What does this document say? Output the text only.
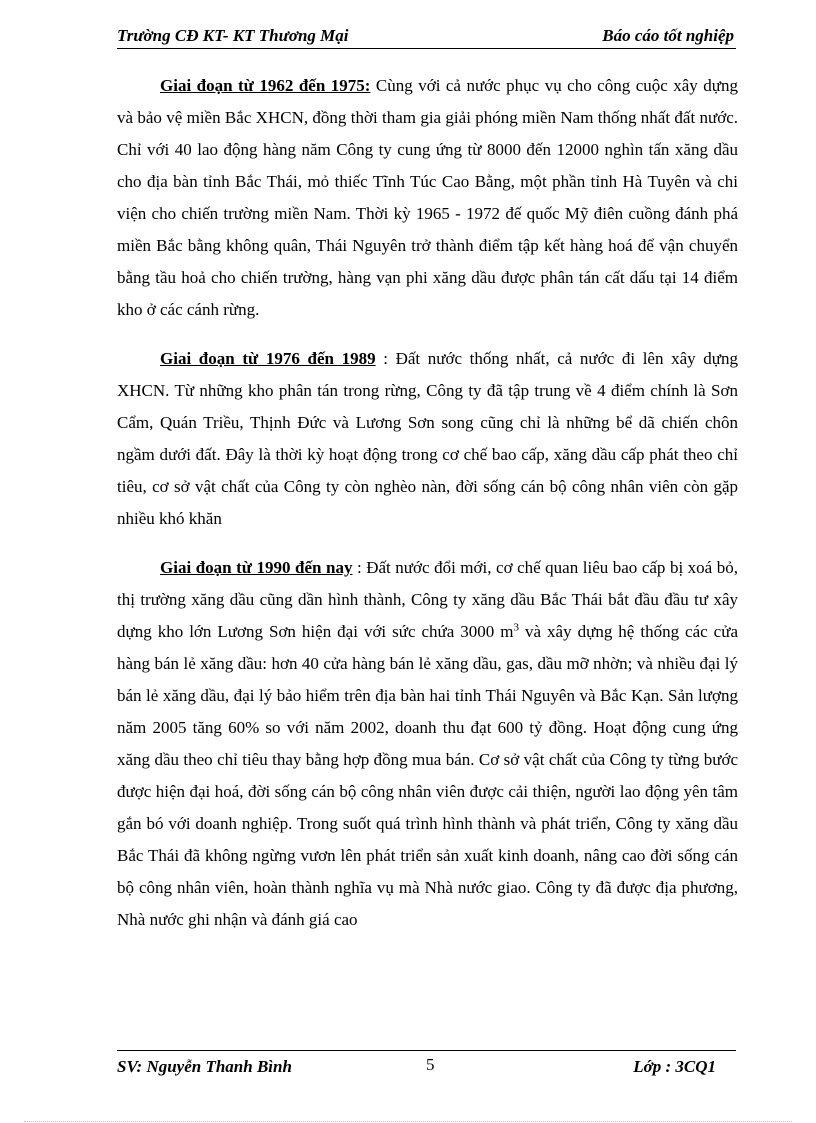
Trường CĐ KT- KT Thương Mại	Báo cáo tốt nghiệp

Giai đoạn từ 1962 đến 1975: Cùng với cả nước phục vụ cho công cuộc xây dựng và bảo vệ miền Bắc XHCN, đồng thời tham gia giải phóng miền Nam thống nhất đất nước. Chỉ với 40 lao động hàng năm Công ty cung ứng từ 8000 đến 12000 nghìn tấn xăng dầu cho địa bàn tỉnh Bắc Thái, mỏ thiếc Tĩnh Túc Cao Bằng, một phần tỉnh Hà Tuyên và chi viện cho chiến trường miền Nam. Thời kỳ 1965 - 1972 đế quốc Mỹ điên cuồng đánh phá miền Bắc bằng không quân, Thái Nguyên trở thành điểm tập kết hàng hoá để vận chuyển bằng tầu hoả cho chiến trường, hàng vạn phi xăng dầu được phân tán cất dấu tại 14 điểm kho ở các cánh rừng.

Giai đoạn từ 1976 đến 1989 : Đất nước thống nhất, cả nước đi lên xây dựng XHCN. Từ những kho phân tán trong rừng, Công ty đã tập trung về 4 điểm chính là Sơn Cẩm, Quán Triều, Thịnh Đức và Lương Sơn song cũng chỉ là những bể dã chiến chôn ngầm dưới đất. Đây là thời kỳ hoạt động trong cơ chế bao cấp, xăng dầu cấp phát theo chỉ tiêu, cơ sở vật chất của Công ty còn nghèo nàn, đời sống cán bộ công nhân viên còn gặp nhiều khó khăn

Giai đoạn từ 1990 đến nay : Đất nước đổi mới, cơ chế quan liêu bao cấp bị xoá bỏ, thị trường xăng dầu cũng dần hình thành, Công ty xăng dầu Bắc Thái bắt đầu đầu tư xây dựng kho lớn Lương Sơn hiện đại với sức chứa 3000 $m^3$ và xây dựng hệ thống các cửa hàng bán lẻ xăng dầu: hơn 40 cửa hàng bán lẻ xăng dầu, gas, dầu mỡ nhờn; và nhiều đại lý bán lẻ xăng dầu, đại lý bảo hiểm trên địa bàn hai tỉnh Thái Nguyên và Bắc Kạn. Sản lượng năm 2005 tăng 60% so với năm 2002, doanh thu đạt 600 tỷ đồng. Hoạt động cung ứng xăng dầu theo chỉ tiêu thay bằng hợp đồng mua bán. Cơ sở vật chất của Công ty từng bước được hiện đại hoá, đời sống cán bộ công nhân viên được cải thiện, người lao động yên tâm gắn bó với doanh nghiệp. Trong suốt quá trình hình thành và phát triển, Công ty xăng dầu Bắc Thái đã không ngừng vươn lên phát triển sản xuất kinh doanh, nâng cao đời sống cán bộ công nhân viên, hoàn thành nghĩa vụ mà Nhà nước giao. Công ty đã được địa phương, Nhà nước ghi nhận và đánh giá cao

SV: Nguyễn Thanh Bình	5	Lớp : 3CQ1
